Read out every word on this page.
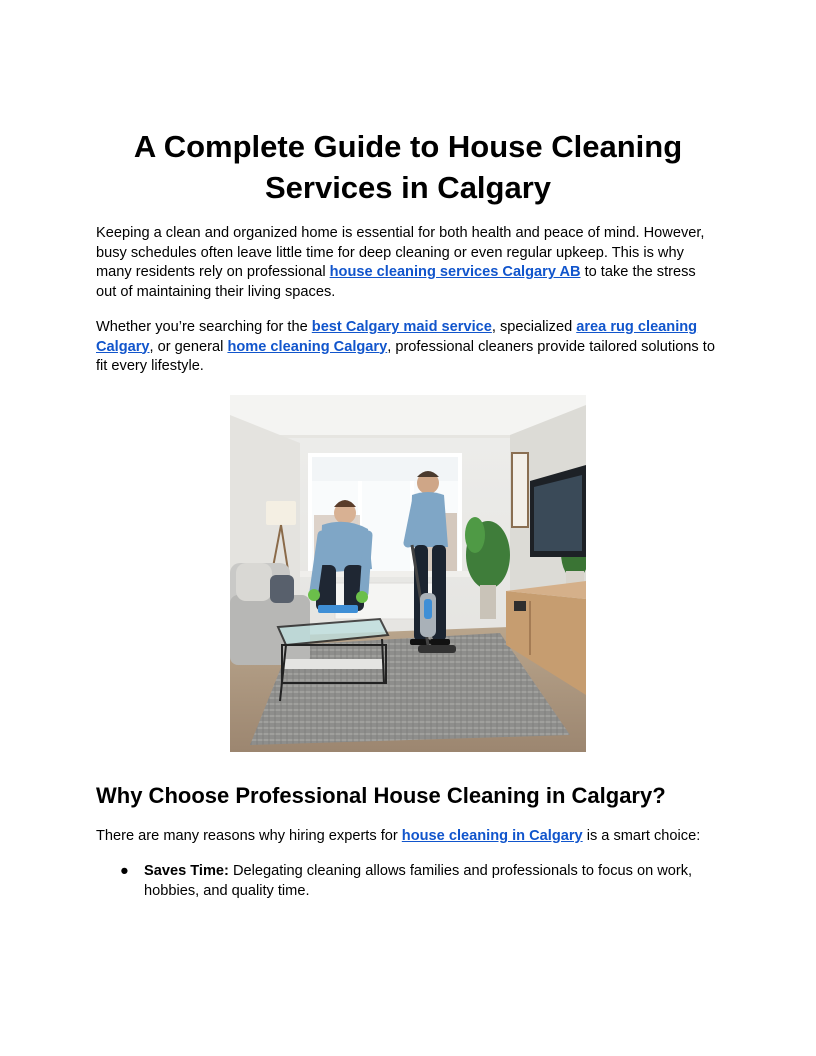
A Complete Guide to House Cleaning Services in Calgary

Keeping a clean and organized home is essential for both health and peace of mind. However, busy schedules often leave little time for deep cleaning or even regular upkeep. This is why many residents rely on professional house cleaning services Calgary AB to take the stress out of maintaining their living spaces.

Whether you’re searching for the best Calgary maid service, specialized area rug cleaning Calgary, or general home cleaning Calgary, professional cleaners provide tailored solutions to fit every lifestyle.

Why Choose Professional House Cleaning in Calgary?

There are many reasons why hiring experts for house cleaning in Calgary is a smart choice:

● Saves Time: Delegating cleaning allows families and professionals to focus on work, hobbies, and quality time.
